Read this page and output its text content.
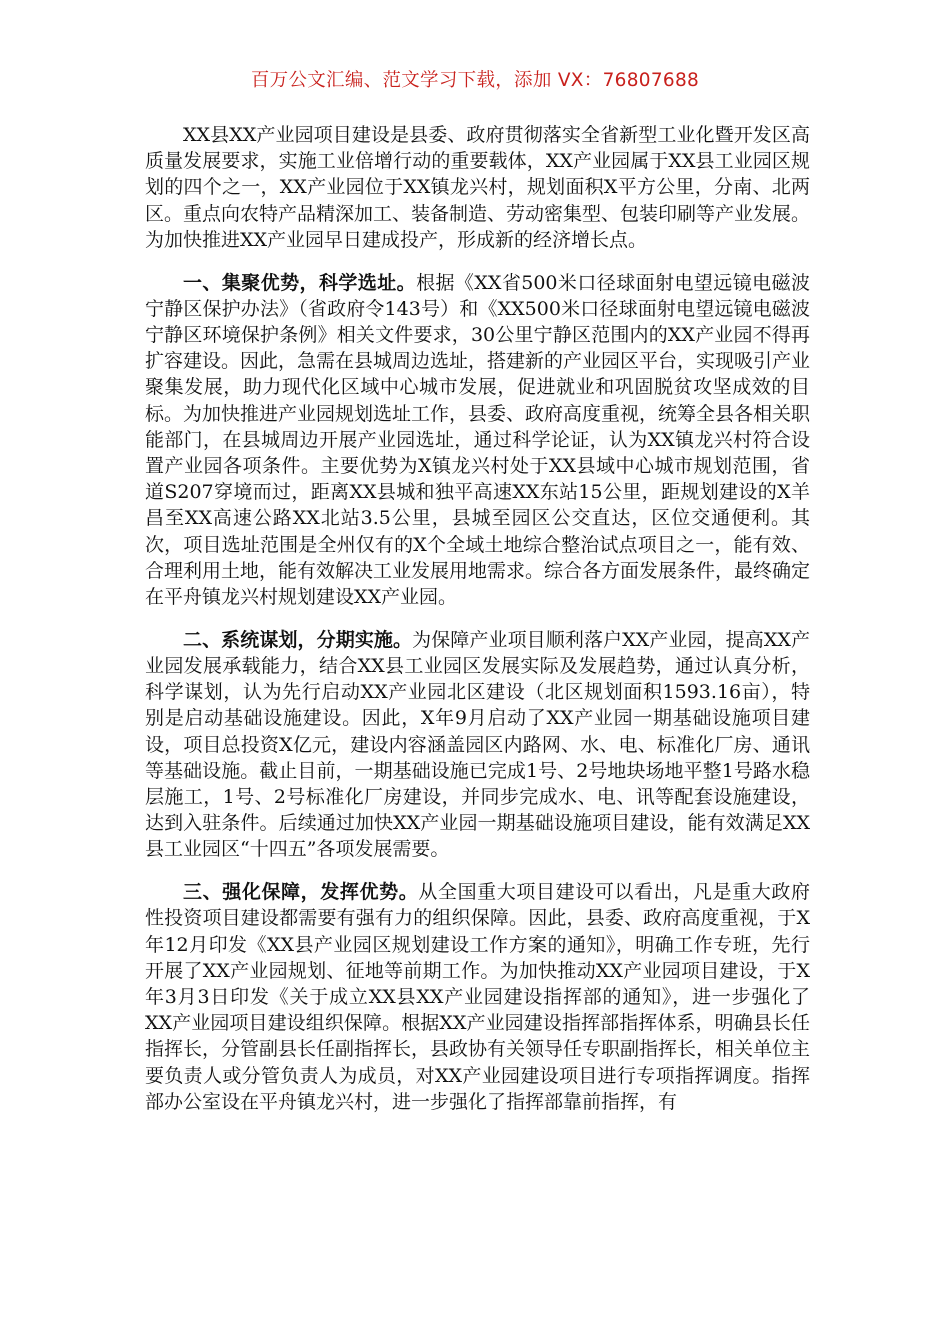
百万公文汇编、范文学习下载，添加 VX：76807688

XX县XX产业园项目建设是县委、政府贯彻落实全省新型工业化暨开发区高质量发展要求，实施工业倍增行动的重要载体，XX产业园属于XX县工业园区规划的四个之一，XX产业园位于XX镇龙兴村，规划面积X平方公里，分南、北两区。重点向农特产品精深加工、装备制造、劳动密集型、包装印刷等产业发展。为加快推进XX产业园早日建成投产，形成新的经济增长点。

一、集聚优势，科学选址。根据《XX省500米口径球面射电望远镜电磁波宁静区保护办法》（省政府令143号）和《XX500米口径球面射电望远镜电磁波宁静区环境保护条例》相关文件要求，30公里宁静区范围内的XX产业园不得再扩容建设。因此，急需在县城周边选址，搭建新的产业园区平台，实现吸引产业聚集发展，助力现代化区域中心城市发展，促进就业和巩固脱贫攻坚成效的目标。为加快推进产业园规划选址工作，县委、政府高度重视，统筹全县各相关职能部门，在县城周边开展产业园选址，通过科学论证，认为XX镇龙兴村符合设置产业园各项条件。主要优势为X镇龙兴村处于XX县域中心城市规划范围，省道S207穿境而过，距离XX县城和独平高速XX东站15公里，距规划建设的X羊昌至XX高速公路XX北站3.5公里，县城至园区公交直达，区位交通便利。其次，项目选址范围是全州仅有的X个全域土地综合整治试点项目之一，能有效、合理利用土地，能有效解决工业发展用地需求。综合各方面发展条件，最终确定在平舟镇龙兴村规划建设XX产业园。

二、系统谋划，分期实施。为保障产业项目顺利落户XX产业园，提高XX产业园发展承载能力，结合XX县工业园区发展实际及发展趋势，通过认真分析，科学谋划，认为先行启动XX产业园北区建设（北区规划面积1593.16亩），特别是启动基础设施建设。因此，X年9月启动了XX产业园一期基础设施项目建设，项目总投资X亿元，建设内容涵盖园区内路网、水、电、标准化厂房、通讯等基础设施。截止目前，一期基础设施已完成1号、2号地块场地平整1号路水稳层施工，1号、2号标准化厂房建设，并同步完成水、电、讯等配套设施建设，达到入驻条件。后续通过加快XX产业园一期基础设施项目建设，能有效满足XX县工业园区“十四五”各项发展需要。

三、强化保障，发挥优势。从全国重大项目建设可以看出，凡是重大政府性投资项目建设都需要有强有力的组织保障。因此，县委、政府高度重视，于X年12月印发《XX县产业园区规划建设工作方案的通知》，明确工作专班，先行开展了XX产业园规划、征地等前期工作。为加快推动XX产业园项目建设，于X年3月3日印发《关于成立XX县XX产业园建设指挥部的通知》，进一步强化了XX产业园项目建设组织保障。根据XX产业园建设指挥部指挥体系，明确县长任指挥长，分管副县长任副指挥长，县政协有关领导任专职副指挥长，相关单位主要负责人或分管负责人为成员，对XX产业园建设项目进行专项指挥调度。指挥部办公室设在平舟镇龙兴村，进一步强化了指挥部靠前指挥，有
